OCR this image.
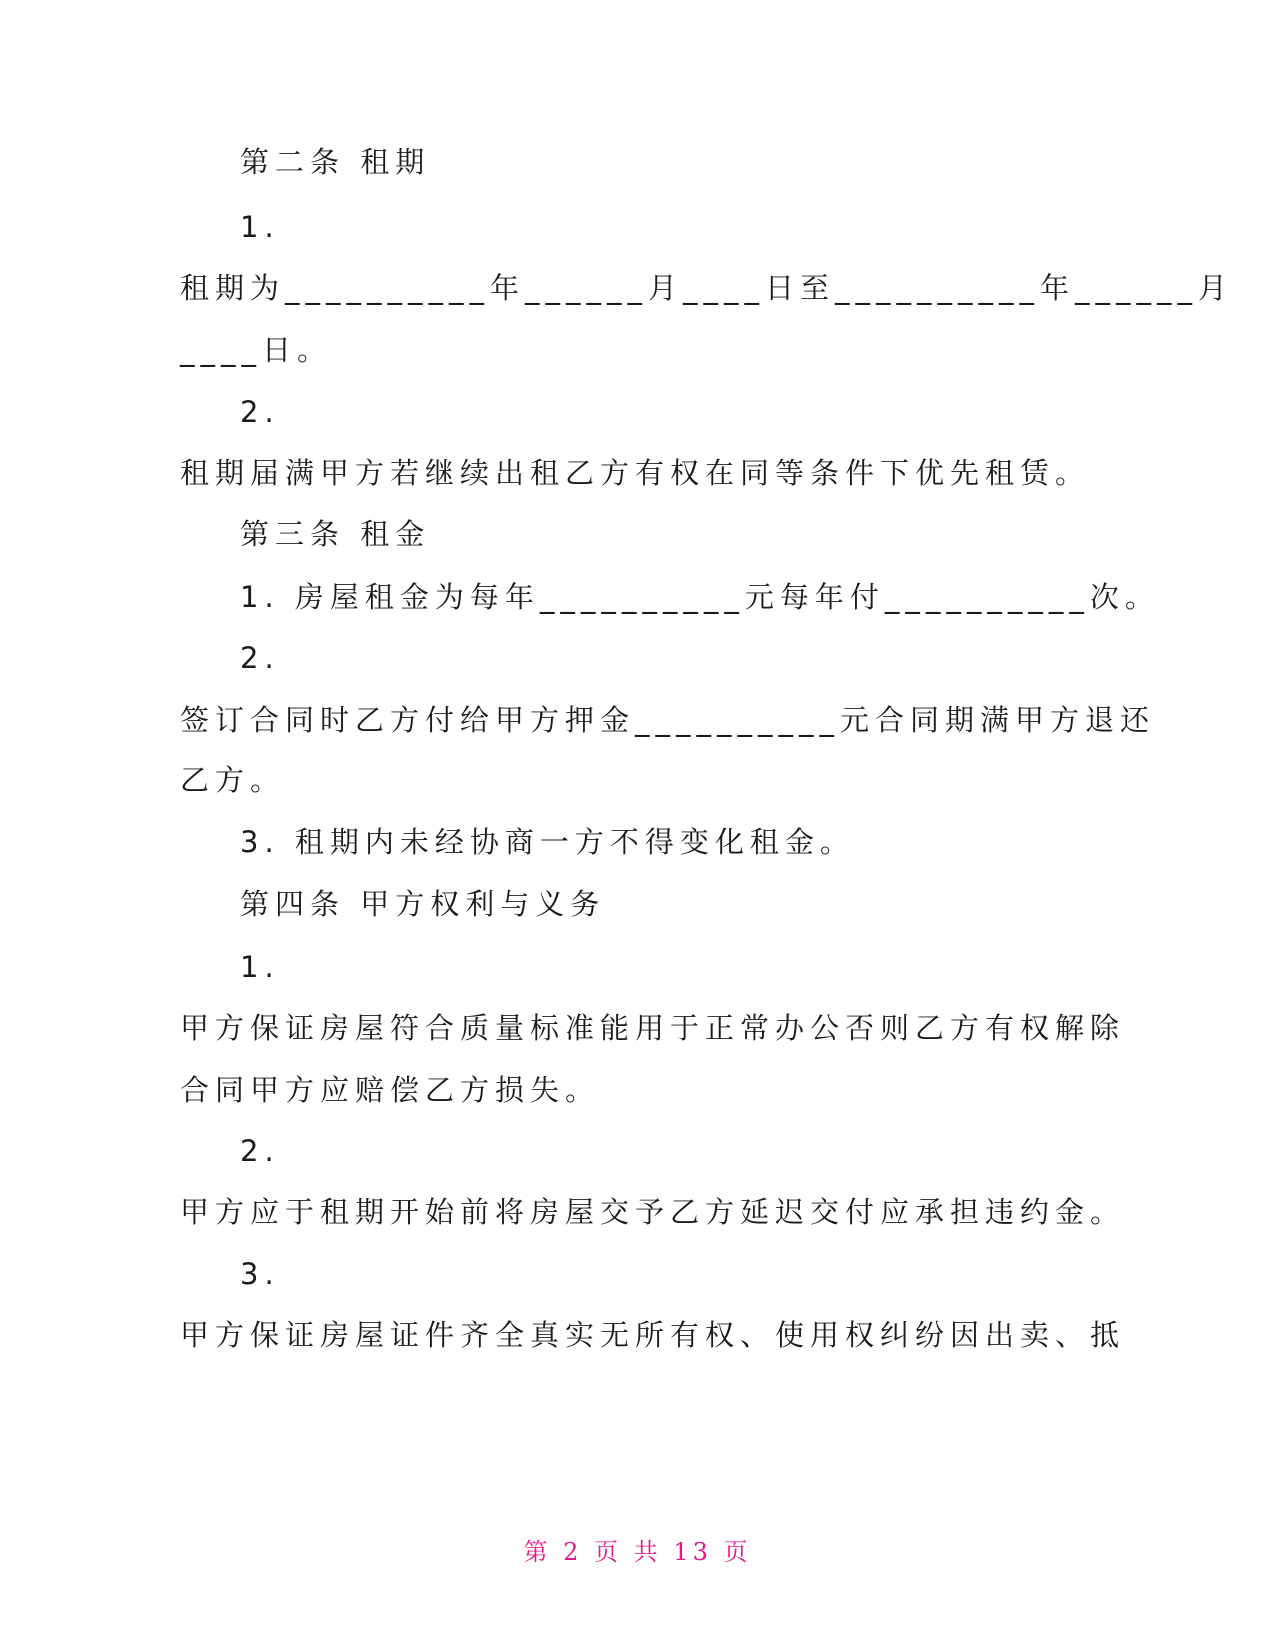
第二条 租期
1.
租期为__________年______月____日至__________年______月
____日。
2.
租期届满甲方若继续出租乙方有权在同等条件下优先租赁。
第三条 租金
1. 房屋租金为每年__________元每年付__________次。
2.
签订合同时乙方付给甲方押金__________元合同期满甲方退还
乙方。
3. 租期内未经协商一方不得变化租金。
第四条 甲方权利与义务
1.
甲方保证房屋符合质量标准能用于正常办公否则乙方有权解除
合同甲方应赔偿乙方损失。
2.
甲方应于租期开始前将房屋交予乙方延迟交付应承担违约金。
3.
甲方保证房屋证件齐全真实无所有权、使用权纠纷因出卖、抵
第 2 页 共 13 页
